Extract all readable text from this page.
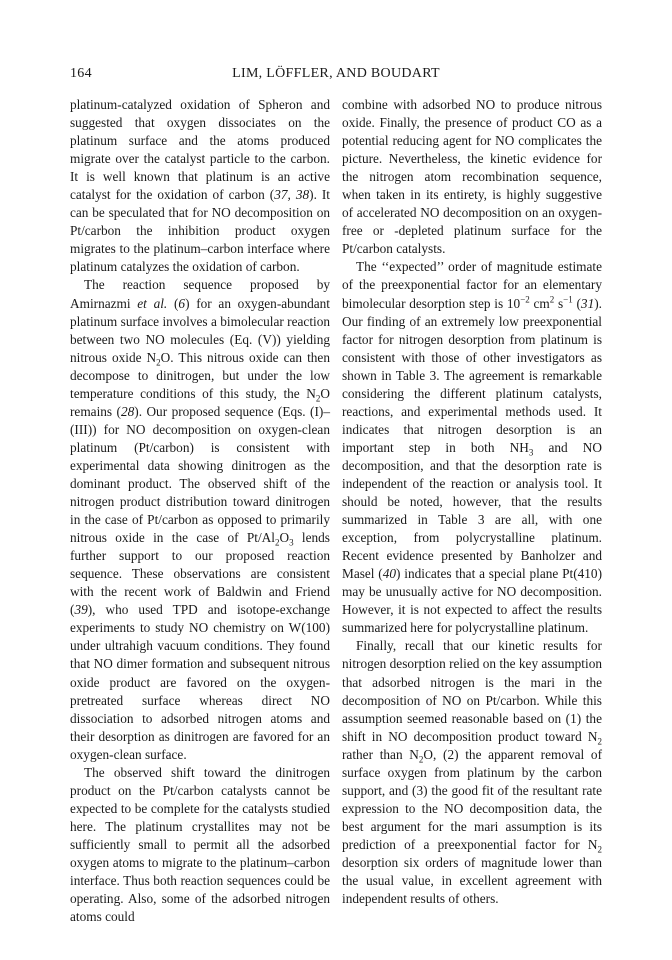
164	LIM, LÖFFLER, AND BOUDART

platinum-catalyzed oxidation of Spheron and suggested that oxygen dissociates on the platinum surface and the atoms produced migrate over the catalyst particle to the carbon. It is well known that platinum is an active catalyst for the oxidation of carbon (37, 38). It can be speculated that for NO decomposition on Pt/carbon the inhibition product oxygen migrates to the platinum–carbon interface where platinum catalyzes the oxidation of carbon.

The reaction sequence proposed by Amirnazmi et al. (6) for an oxygen-abundant platinum surface involves a bimolecular reaction between two NO molecules (Eq. (V)) yielding nitrous oxide $N_2O$. This nitrous oxide can then decompose to dinitrogen, but under the low temperature conditions of this study, the $N_2O$ remains (28). Our proposed sequence (Eqs. (I)–(III)) for NO decomposition on oxygen-clean platinum (Pt/carbon) is consistent with experimental data showing dinitrogen as the dominant product. The observed shift of the nitrogen product distribution toward dinitrogen in the case of Pt/carbon as opposed to primarily nitrous oxide in the case of $Pt/Al_2O_3$ lends further support to our proposed reaction sequence. These observations are consistent with the recent work of Baldwin and Friend (39), who used TPD and isotope-exchange experiments to study NO chemistry on W(100) under ultrahigh vacuum conditions. They found that NO dimer formation and subsequent nitrous oxide product are favored on the oxygen-pretreated surface whereas direct NO dissociation to adsorbed nitrogen atoms and their desorption as dinitrogen are favored for an oxygen-clean surface.

The observed shift toward the dinitrogen product on the Pt/carbon catalysts cannot be expected to be complete for the catalysts studied here. The platinum crystallites may not be sufficiently small to permit all the adsorbed oxygen atoms to migrate to the platinum–carbon interface. Thus both reaction sequences could be operating. Also, some of the adsorbed nitrogen atoms could

combine with adsorbed NO to produce nitrous oxide. Finally, the presence of product CO as a potential reducing agent for NO complicates the picture. Nevertheless, the kinetic evidence for the nitrogen atom recombination sequence, when taken in its entirety, is highly suggestive of accelerated NO decomposition on an oxygen-free or -depleted platinum surface for the Pt/carbon catalysts.

The ‘‘expected’’ order of magnitude estimate of the preexponential factor for an elementary bimolecular desorption step is $10^{-2}$ $cm^2$ $s^{-1}$ (31). Our finding of an extremely low preexponential factor for nitrogen desorption from platinum is consistent with those of other investigators as shown in Table 3. The agreement is remarkable considering the different platinum catalysts, reactions, and experimental methods used. It indicates that nitrogen desorption is an important step in both $NH_3$ and NO decomposition, and that the desorption rate is independent of the reaction or analysis tool. It should be noted, however, that the results summarized in Table 3 are all, with one exception, from polycrystalline platinum. Recent evidence presented by Banholzer and Masel (40) indicates that a special plane Pt(410) may be unusually active for NO decomposition. However, it is not expected to affect the results summarized here for polycrystalline platinum.

Finally, recall that our kinetic results for nitrogen desorption relied on the key assumption that adsorbed nitrogen is the mari in the decomposition of NO on Pt/carbon. While this assumption seemed reasonable based on (1) the shift in NO decomposition product toward $N_2$ rather than $N_2O$, (2) the apparent removal of surface oxygen from platinum by the carbon support, and (3) the good fit of the resultant rate expression to the NO decomposition data, the best argument for the mari assumption is its prediction of a preexponential factor for $N_2$ desorption six orders of magnitude lower than the usual value, in excellent agreement with independent results of others.
